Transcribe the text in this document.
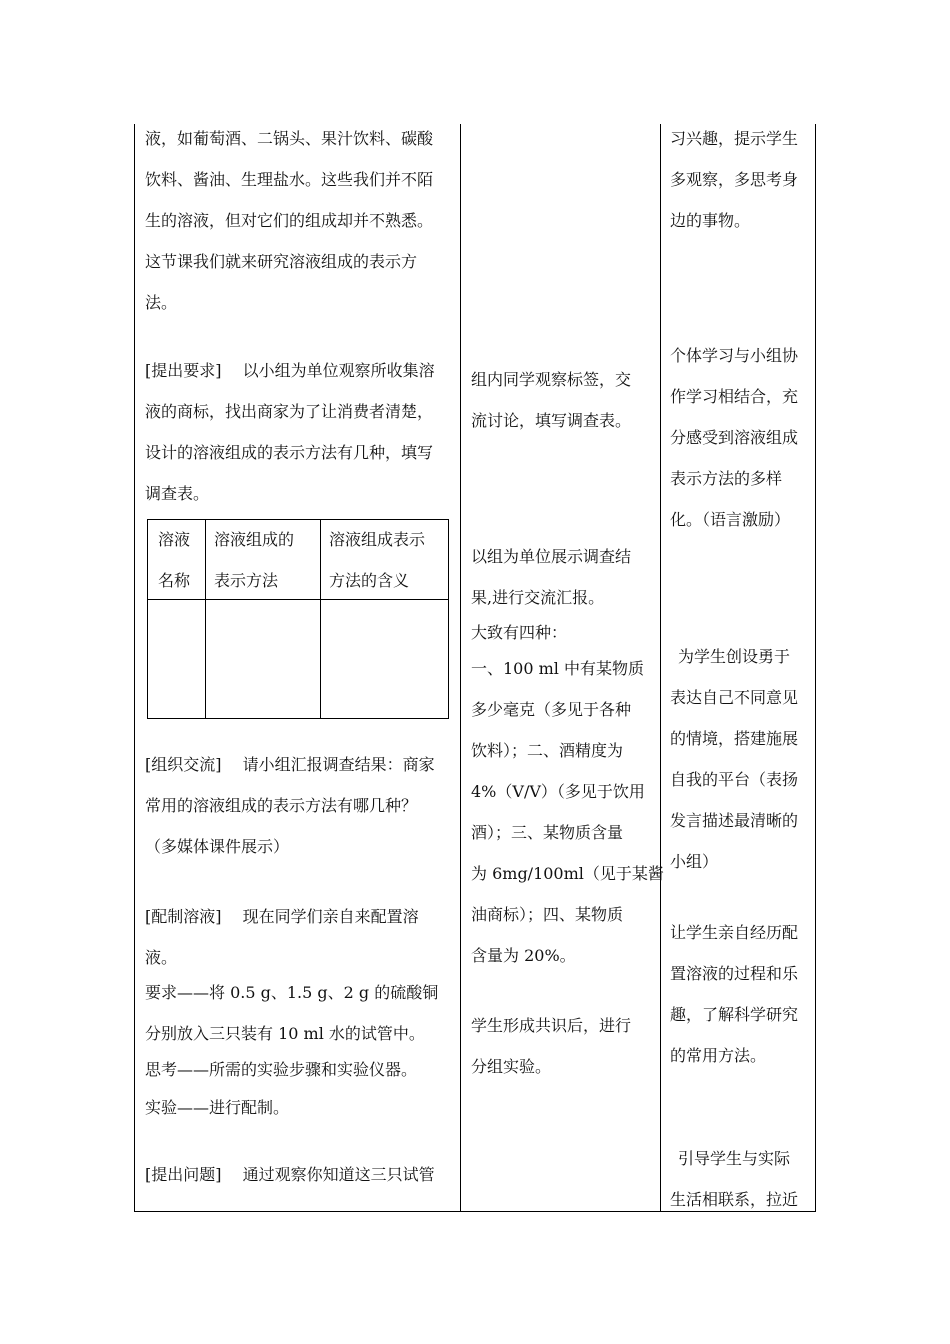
液，如葡萄酒、二锅头、果汁饮料、碳酸
饮料、酱油、生理盐水。这些我们并不陌
生的溶液，但对它们的组成却并不熟悉。
这节课我们就来研究溶液组成的表示方
法。
[提出要求]　 以小组为单位观察所收集溶
液的商标，找出商家为了让消费者清楚，
设计的溶液组成的表示方法有几种，填写
调查表。
溶液
名称
溶液组成的
表示方法
溶液组成表示
方法的含义
[组织交流]　 请小组汇报调查结果：商家
常用的溶液组成的表示方法有哪几种？
（多媒体课件展示）
[配制溶液]　 现在同学们亲自来配置溶
液。
要求——将 0.5 g、1.5 g、2 g 的硫酸铜
分别放入三只装有 10 ml 水的试管中。
思考——所需的实验步骤和实验仪器。
实验——进行配制。
[提出问题]　 通过观察你知道这三只试管
组内同学观察标签，交
流讨论，填写调查表。
以组为单位展示调查结
果,进行交流汇报。
大致有四种：
一、100 ml 中有某物质
多少毫克（多见于各种
饮料）；二、酒精度为
4%（V/V）（多见于饮用
酒）；三、某物质含量
为 6mg/100ml（见于某酱
油商标）；四、某物质
含量为 20%。
学生形成共识后，进行
分组实验。
习兴趣，提示学生
多观察，多思考身
边的事物。
个体学习与小组协
作学习相结合，充
分感受到溶液组成
表示方法的多样
化。（语言激励）
为学生创设勇于
表达自己不同意见
的情境，搭建施展
自我的平台（表扬
发言描述最清晰的
小组）
让学生亲自经历配
置溶液的过程和乐
趣，了解科学研究
的常用方法。
引导学生与实际
生活相联系，拉近
